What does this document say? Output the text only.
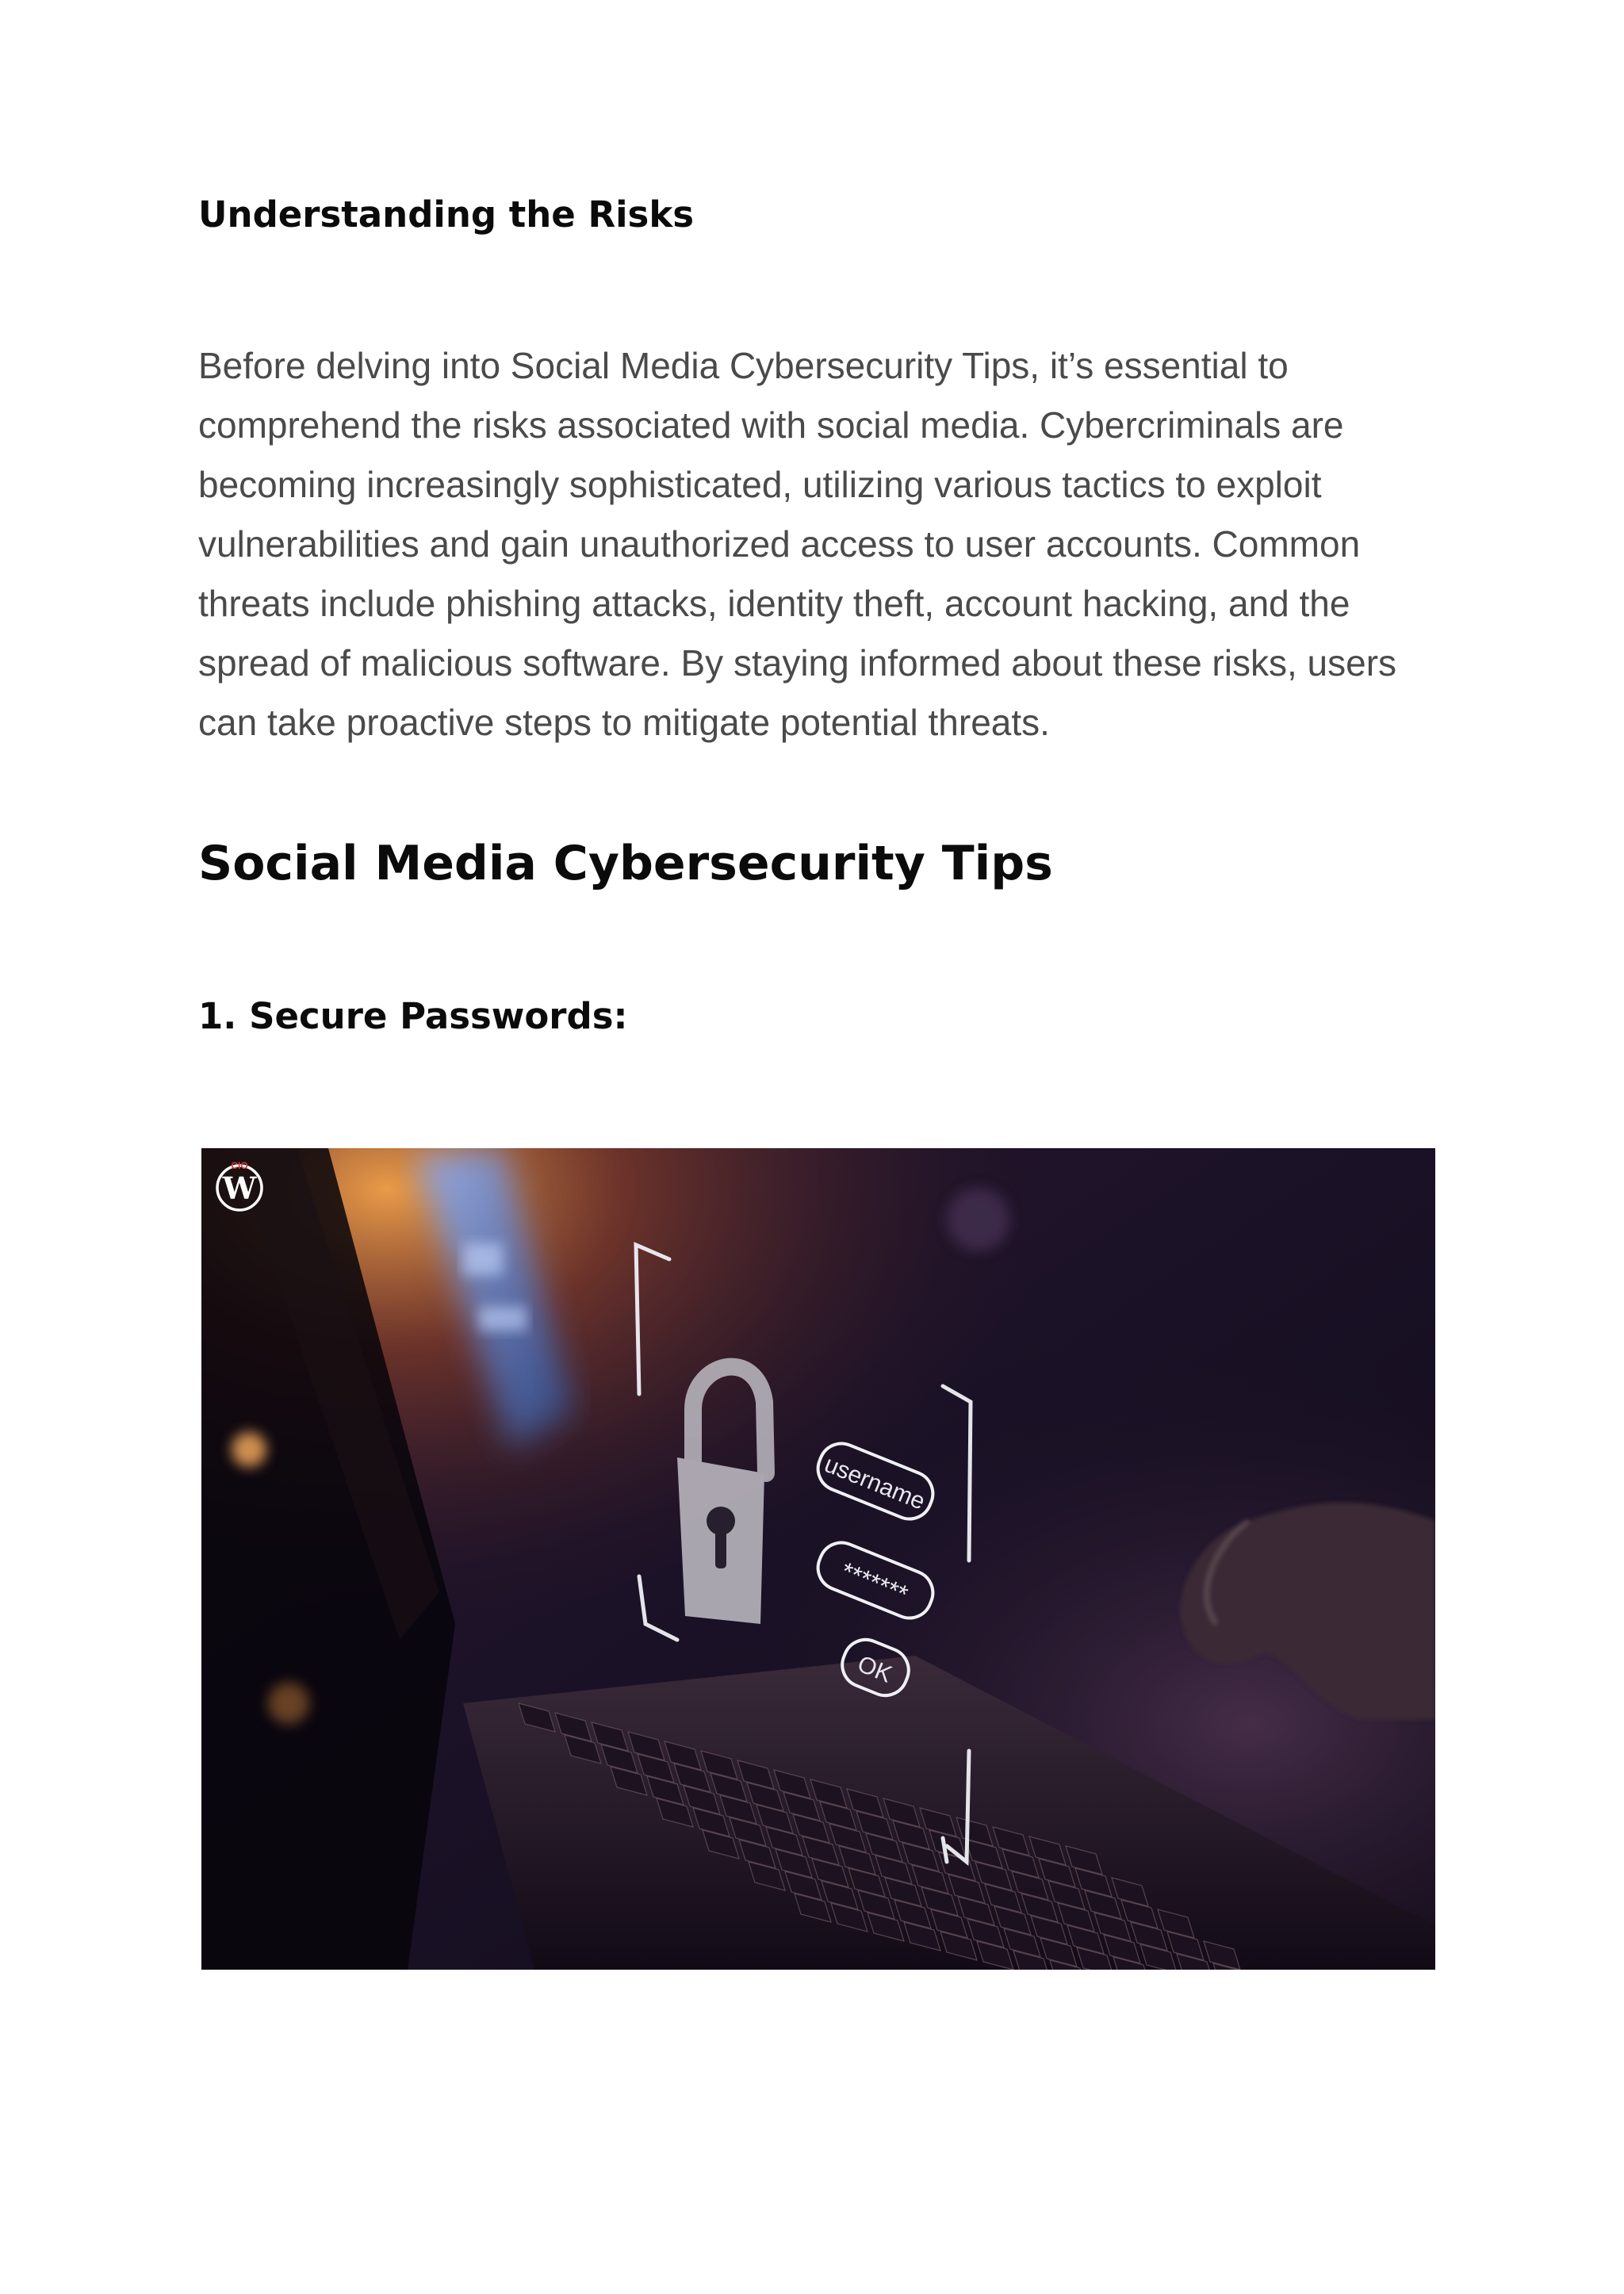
Understanding the Risks

Before delving into Social Media Cybersecurity Tips, it’s essential to comprehend the risks associated with social media. Cybercriminals are becoming increasingly sophisticated, utilizing various tactics to exploit vulnerabilities and gain unauthorized access to user accounts. Common threats include phishing attacks, identity theft, account hacking, and the spread of malicious software. By staying informed about these risks, users can take proactive steps to mitigate potential threats.

Social Media Cybersecurity Tips
1. Secure Passwords:
username
*******
OK
W
CIO
